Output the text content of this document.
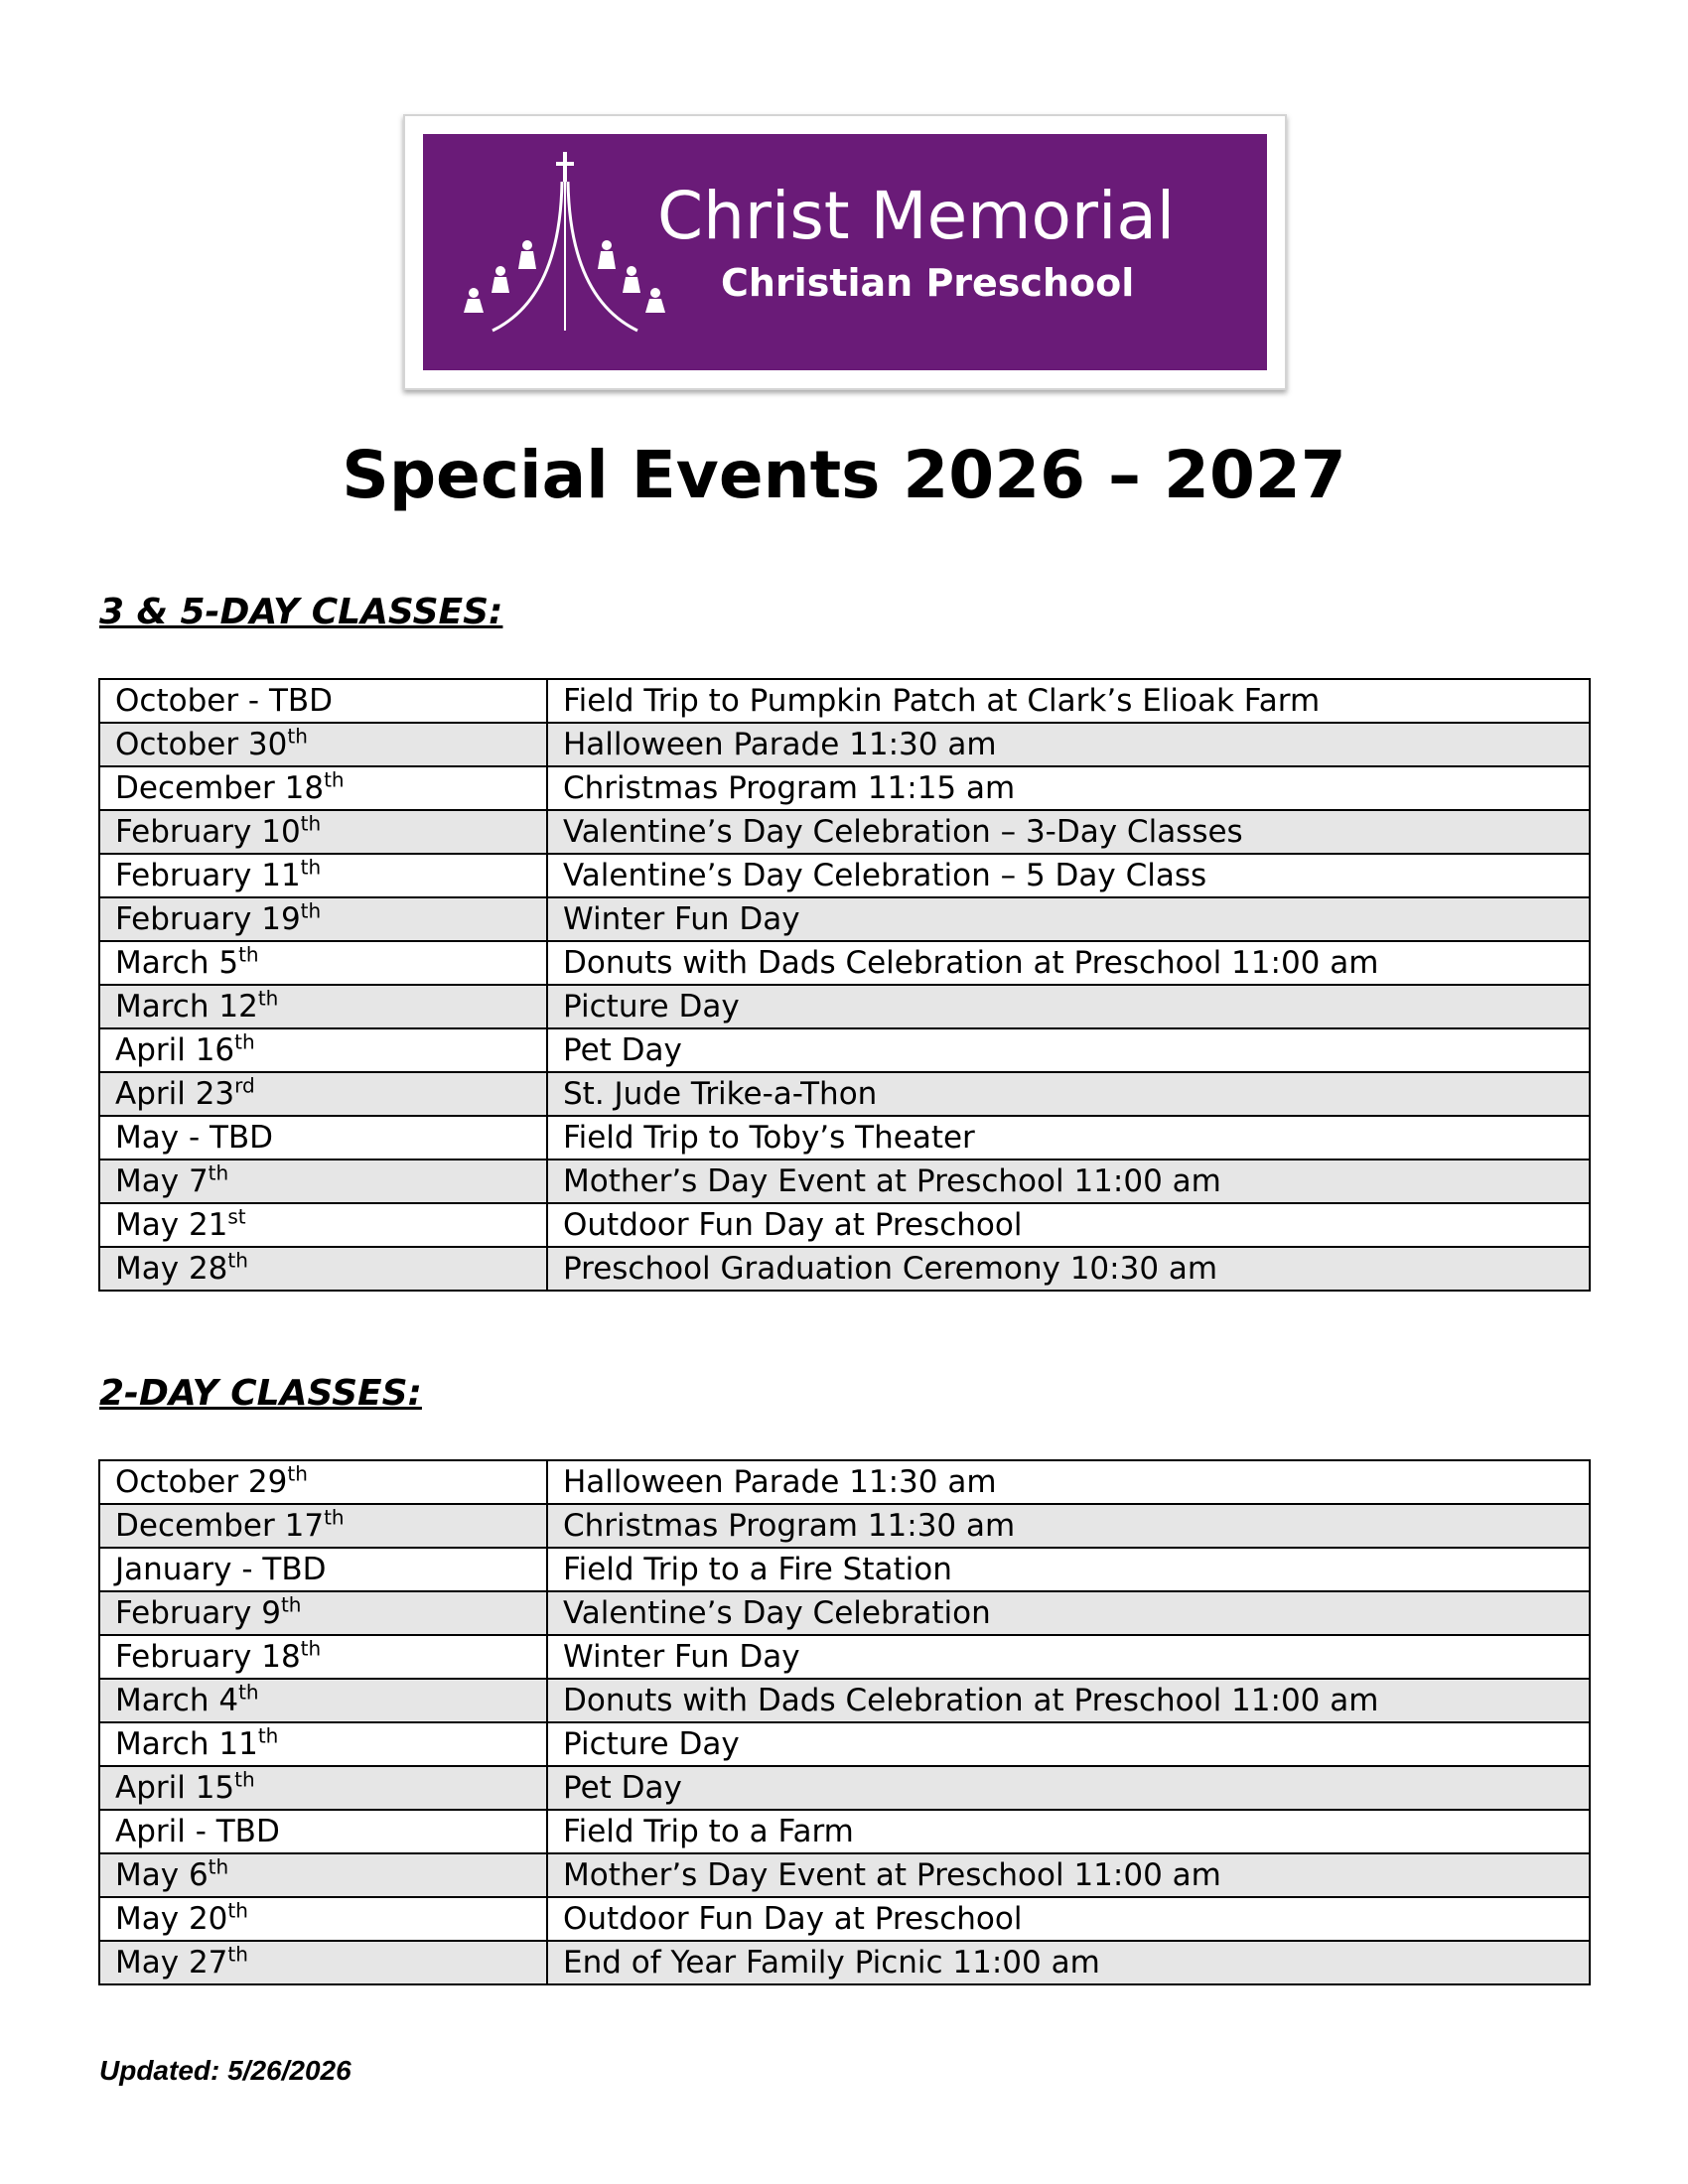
Christ Memorial
Christian Preschool
Special Events 2026 – 2027
3 & 5-DAY CLASSES:
October - TBD	Field Trip to Pumpkin Patch at Clark’s Elioak Farm
October 30th	Halloween Parade 11:30 am
December 18th	Christmas Program 11:15 am
February 10th	Valentine’s Day Celebration – 3-Day Classes
February 11th	Valentine’s Day Celebration – 5 Day Class
February 19th	Winter Fun Day
March 5th	Donuts with Dads Celebration at Preschool 11:00 am
March 12th	Picture Day
April 16th	Pet Day
April 23rd	St. Jude Trike-a-Thon
May - TBD	Field Trip to Toby’s Theater
May 7th	Mother’s Day Event at Preschool 11:00 am
May 21st	Outdoor Fun Day at Preschool
May 28th	Preschool Graduation Ceremony 10:30 am
2-DAY CLASSES:
October 29th	Halloween Parade 11:30 am
December 17th	Christmas Program 11:30 am
January - TBD	Field Trip to a Fire Station
February 9th	Valentine’s Day Celebration
February 18th	Winter Fun Day
March 4th	Donuts with Dads Celebration at Preschool 11:00 am
March 11th	Picture Day
April 15th	Pet Day
April - TBD	Field Trip to a Farm
May 6th	Mother’s Day Event at Preschool 11:00 am
May 20th	Outdoor Fun Day at Preschool
May 27th	End of Year Family Picnic 11:00 am
Updated: 5/26/2026
